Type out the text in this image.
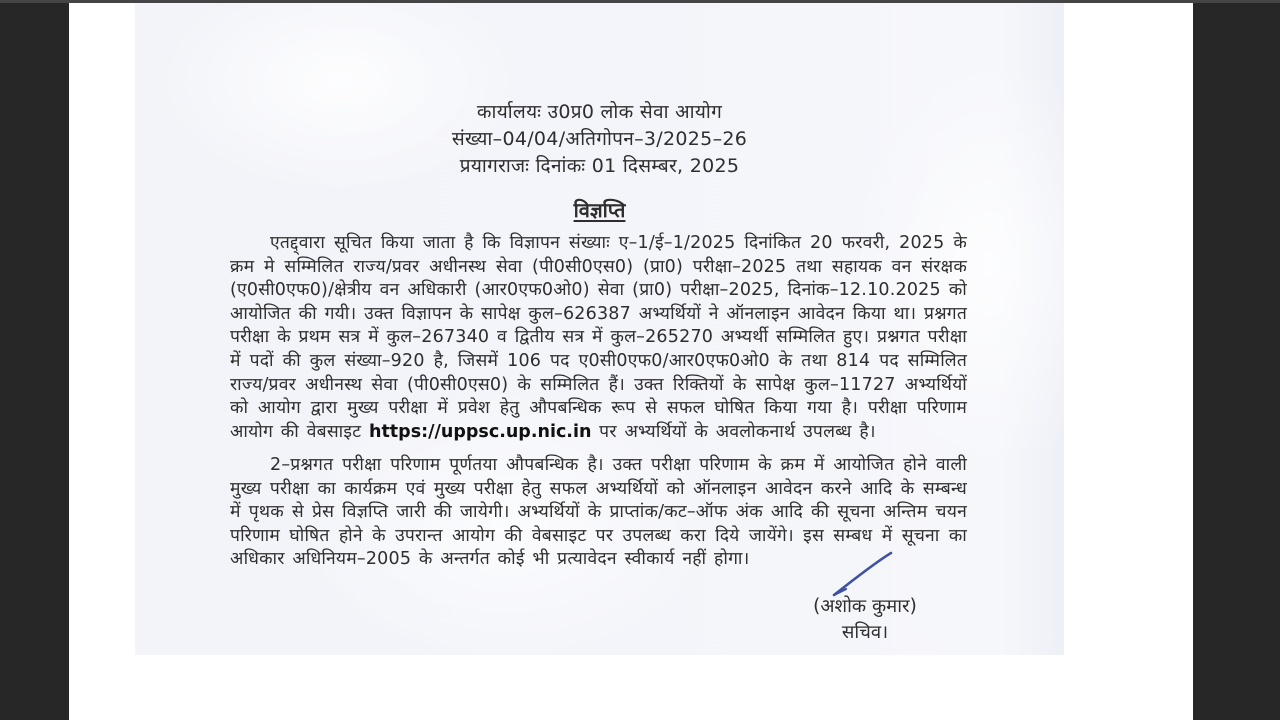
कार्यालयः उ0प्र0 लोक सेवा आयोग
संख्या–04/04/अतिगोपन–3/2025–26
प्रयागराजः दिनांकः 01 दिसम्बर, 2025
विज्ञप्ति

एतद्द्वारा सूचित किया जाता है कि विज्ञापन संख्याः ए–1/ई–1/2025 दिनांकित 20 फरवरी, 2025 के क्रम मे सम्मिलित राज्य/प्रवर अधीनस्थ सेवा (पी0सी0एस0) (प्रा0) परीक्षा–2025 तथा सहायक वन संरक्षक (ए0सी0एफ0)/क्षेत्रीय वन अधिकारी (आर0एफ0ओ0) सेवा (प्रा0) परीक्षा–2025, दिनांक–12.10.2025 को आयोजित की गयी। उक्त विज्ञापन के सापेक्ष कुल–626387 अभ्यर्थियों ने ऑनलाइन आवेदन किया था। प्रश्नगत परीक्षा के प्रथम सत्र में कुल–267340 व द्वितीय सत्र में कुल–265270 अभ्यर्थी सम्मिलित हुए। प्रश्नगत परीक्षा में पदों की कुल संख्या–920 है, जिसमें 106 पद ए0सी0एफ0/आर0एफ0ओ0 के तथा 814 पद सम्मिलित राज्य/प्रवर अधीनस्थ सेवा (पी0सी0एस0) के सम्मिलित हैं। उक्त रिक्तियों के सापेक्ष कुल–11727 अभ्यर्थियों को आयोग द्वारा मुख्य परीक्षा में प्रवेश हेतु औपबन्धिक रूप से सफल घोषित किया गया है। परीक्षा परिणाम आयोग की वेबसाइट https://uppsc.up.nic.in पर अभ्यर्थियों के अवलोकनार्थ उपलब्ध है।

2–प्रश्नगत परीक्षा परिणाम पूर्णतया औपबन्धिक है। उक्त परीक्षा परिणाम के क्रम में आयोजित होने वाली मुख्य परीक्षा का कार्यक्रम एवं मुख्य परीक्षा हेतु सफल अभ्यर्थियों को ऑनलाइन आवेदन करने आदि के सम्बन्ध में पृथक से प्रेस विज्ञप्ति जारी की जायेगी। अभ्यर्थियों के प्राप्तांक/कट–ऑफ अंक आदि की सूचना अन्तिम चयन परिणाम घोषित होने के उपरान्त आयोग की वेबसाइट पर उपलब्ध करा दिये जायेंगे। इस सम्बध में सूचना का अधिकार अधिनियम–2005 के अन्तर्गत कोई भी प्रत्यावेदन स्वीकार्य नहीं होगा।

(अशोक कुमार)
सचिव।
